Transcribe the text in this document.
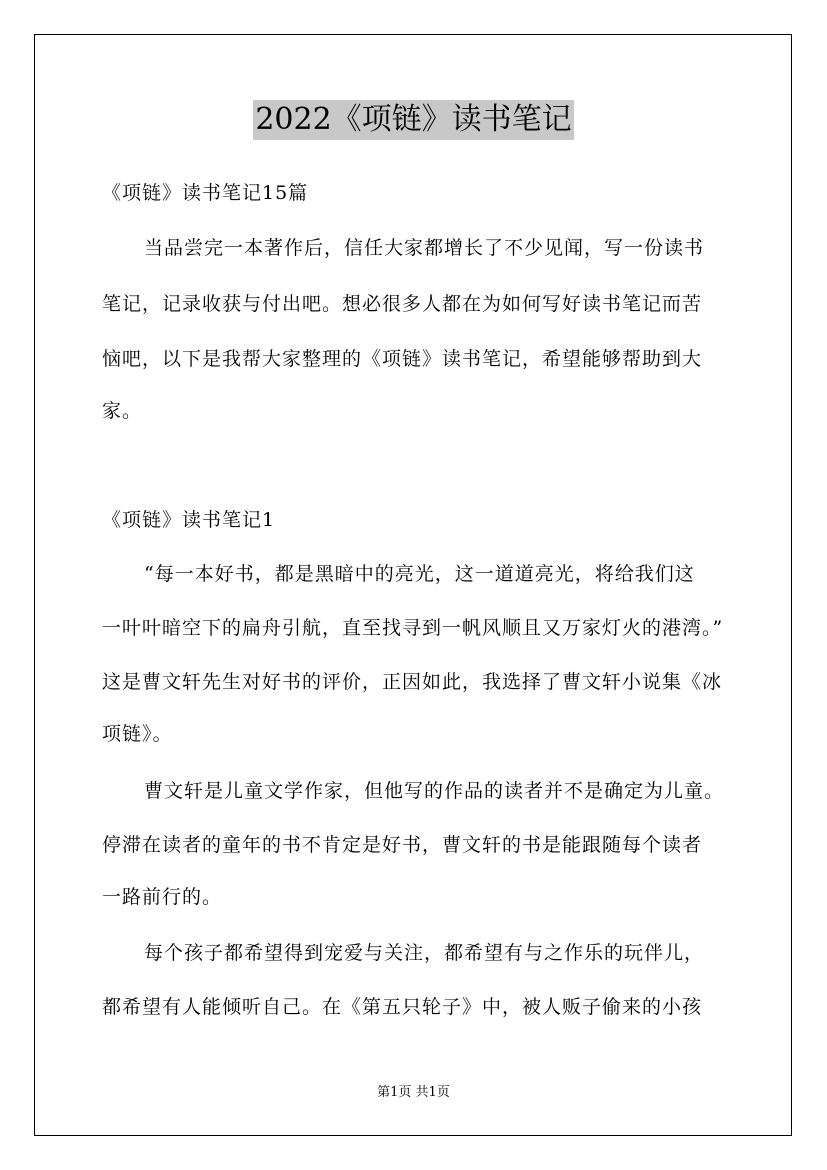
2022《项链》读书笔记
《项链》读书笔记15篇
当品尝完一本著作后，信任大家都增长了不少见闻，写一份读书
笔记，记录收获与付出吧。想必很多人都在为如何写好读书笔记而苦
恼吧，以下是我帮大家整理的《项链》读书笔记，希望能够帮助到大
家。
《项链》读书笔记1
“每一本好书，都是黑暗中的亮光，这一道道亮光，将给我们这
一叶叶暗空下的扁舟引航，直至找寻到一帆风顺且又万家灯火的港湾。”
这是曹文轩先生对好书的评价，正因如此，我选择了曹文轩小说集《冰
项链》。
曹文轩是儿童文学作家，但他写的作品的读者并不是确定为儿童。
停滞在读者的童年的书不肯定是好书，曹文轩的书是能跟随每个读者
一路前行的。
每个孩子都希望得到宠爱与关注，都希望有与之作乐的玩伴儿，
都希望有人能倾听自己。在《第五只轮子》中，被人贩子偷来的小孩
第1页 共1页
